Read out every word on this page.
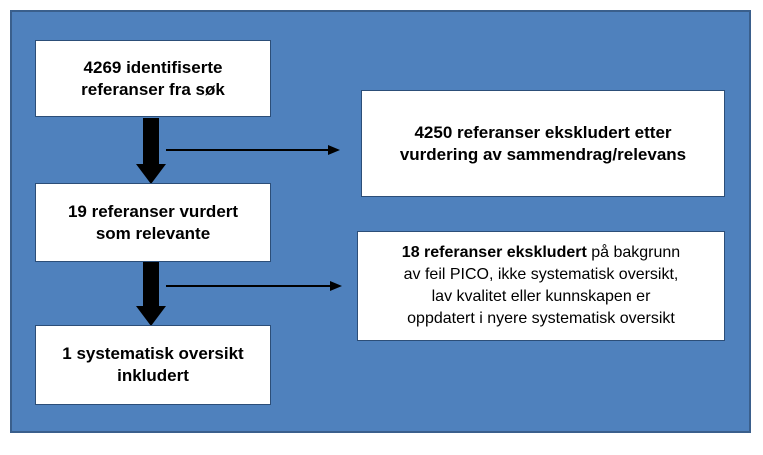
4269 identifiserte
referanser fra søk
19 referanser vurdert
som relevante
1 systematisk oversikt
inkludert
4250 referanser ekskludert etter
vurdering av sammendrag/relevans
18 referanser ekskludert på bakgrunn
av feil PICO, ikke systematisk oversikt,
lav kvalitet eller kunnskapen er
oppdatert i nyere systematisk oversikt
